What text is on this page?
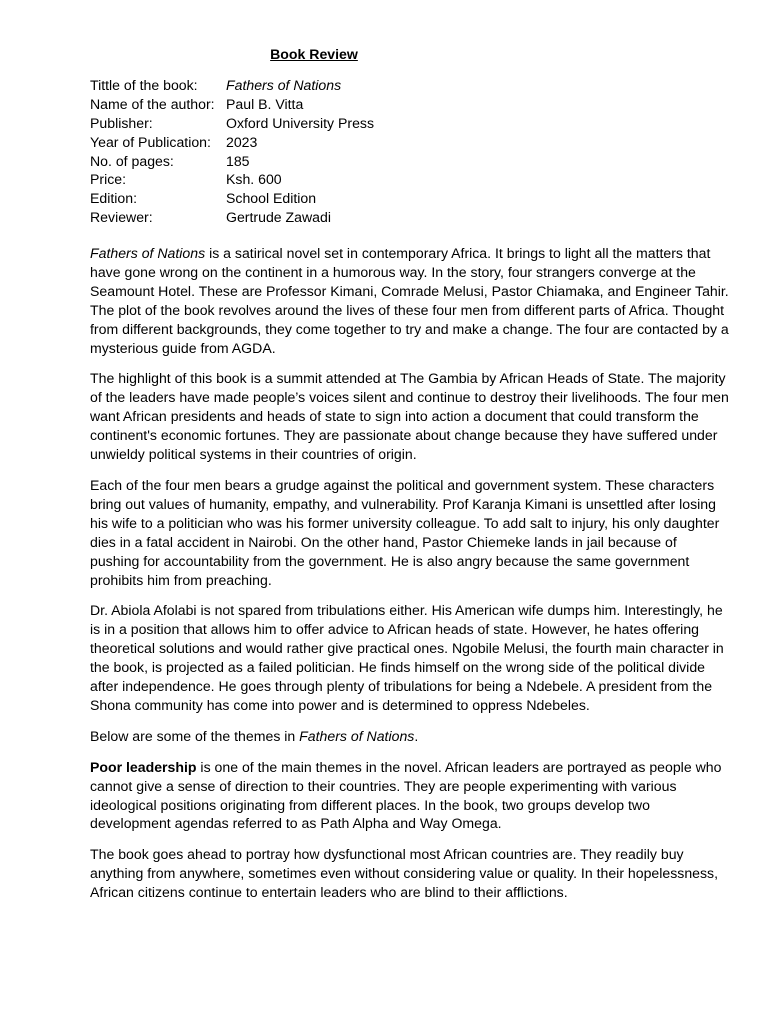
Book Review
Tittle of the book:	Fathers of Nations
Name of the author: Paul B. Vitta
Publisher:	Oxford University Press
Year of Publication:	2023
No. of pages:	185
Price:	Ksh. 600
Edition:	School Edition
Reviewer:	Gertrude Zawadi

Fathers of Nations is a satirical novel set in contemporary Africa. It brings to light all the matters that have gone wrong on the continent in a humorous way. In the story, four strangers converge at the Seamount Hotel. These are Professor Kimani, Comrade Melusi, Pastor Chiamaka, and Engineer Tahir. The plot of the book revolves around the lives of these four men from different parts of Africa. Thought from different backgrounds, they come together to try and make a change. The four are contacted by a mysterious guide from AGDA.

The highlight of this book is a summit attended at The Gambia by African Heads of State. The majority of the leaders have made people’s voices silent and continue to destroy their livelihoods. The four men want African presidents and heads of state to sign into action a document that could transform the continent's economic fortunes. They are passionate about change because they have suffered under unwieldy political systems in their countries of origin.

Each of the four men bears a grudge against the political and government system. These characters bring out values of humanity, empathy, and vulnerability. Prof Karanja Kimani is unsettled after losing his wife to a politician who was his former university colleague. To add salt to injury, his only daughter dies in a fatal accident in Nairobi. On the other hand, Pastor Chiemeke lands in jail because of pushing for accountability from the government. He is also angry because the same government prohibits him from preaching.

Dr. Abiola Afolabi is not spared from tribulations either. His American wife dumps him. Interestingly, he is in a position that allows him to offer advice to African heads of state. However, he hates offering theoretical solutions and would rather give practical ones. Ngobile Melusi, the fourth main character in the book, is projected as a failed politician. He finds himself on the wrong side of the political divide after independence. He goes through plenty of tribulations for being a Ndebele. A president from the Shona community has come into power and is determined to oppress Ndebeles.

Below are some of the themes in Fathers of Nations.

Poor leadership is one of the main themes in the novel. African leaders are portrayed as people who cannot give a sense of direction to their countries. They are people experimenting with various ideological positions originating from different places. In the book, two groups develop two development agendas referred to as Path Alpha and Way Omega.

The book goes ahead to portray how dysfunctional most African countries are. They readily buy anything from anywhere, sometimes even without considering value or quality. In their hopelessness, African citizens continue to entertain leaders who are blind to their afflictions.
